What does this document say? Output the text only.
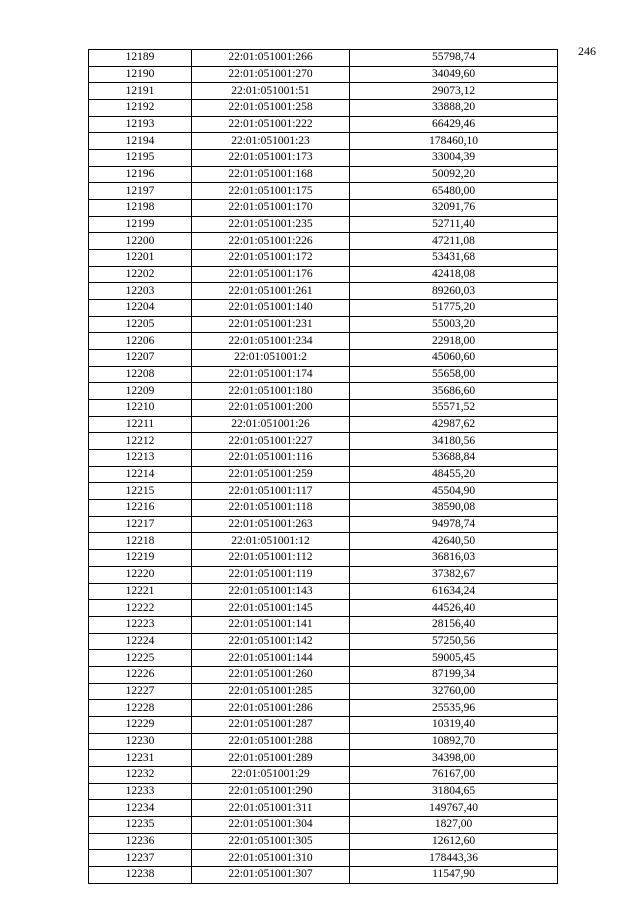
246
12189	22:01:051001:266	55798,74
12190	22:01:051001:270	34049,60
12191	22:01:051001:51	29073,12
12192	22:01:051001:258	33888,20
12193	22:01:051001:222	66429,46
12194	22:01:051001:23	178460,10
12195	22:01:051001:173	33004,39
12196	22:01:051001:168	50092,20
12197	22:01:051001:175	65480,00
12198	22:01:051001:170	32091,76
12199	22:01:051001:235	52711,40
12200	22:01:051001:226	47211,08
12201	22:01:051001:172	53431,68
12202	22:01:051001:176	42418,08
12203	22:01:051001:261	89260,03
12204	22:01:051001:140	51775,20
12205	22:01:051001:231	55003,20
12206	22:01:051001:234	22918,00
12207	22:01:051001:2	45060,60
12208	22:01:051001:174	55658,00
12209	22:01:051001:180	35686,60
12210	22:01:051001:200	55571,52
12211	22:01:051001:26	42987,62
12212	22:01:051001:227	34180,56
12213	22:01:051001:116	53688,84
12214	22:01:051001:259	48455,20
12215	22:01:051001:117	45504,90
12216	22:01:051001:118	38590,08
12217	22:01:051001:263	94978,74
12218	22:01:051001:12	42640,50
12219	22:01:051001:112	36816,03
12220	22:01:051001:119	37382,67
12221	22:01:051001:143	61634,24
12222	22:01:051001:145	44526,40
12223	22:01:051001:141	28156,40
12224	22:01:051001:142	57250,56
12225	22:01:051001:144	59005,45
12226	22:01:051001:260	87199,34
12227	22:01:051001:285	32760,00
12228	22:01:051001:286	25535,96
12229	22:01:051001:287	10319,40
12230	22:01:051001:288	10892,70
12231	22:01:051001:289	34398,00
12232	22:01:051001:29	76167,00
12233	22:01:051001:290	31804,65
12234	22:01:051001:311	149767,40
12235	22:01:051001:304	1827,00
12236	22:01:051001:305	12612,60
12237	22:01:051001:310	178443,36
12238	22:01:051001:307	11547,90
